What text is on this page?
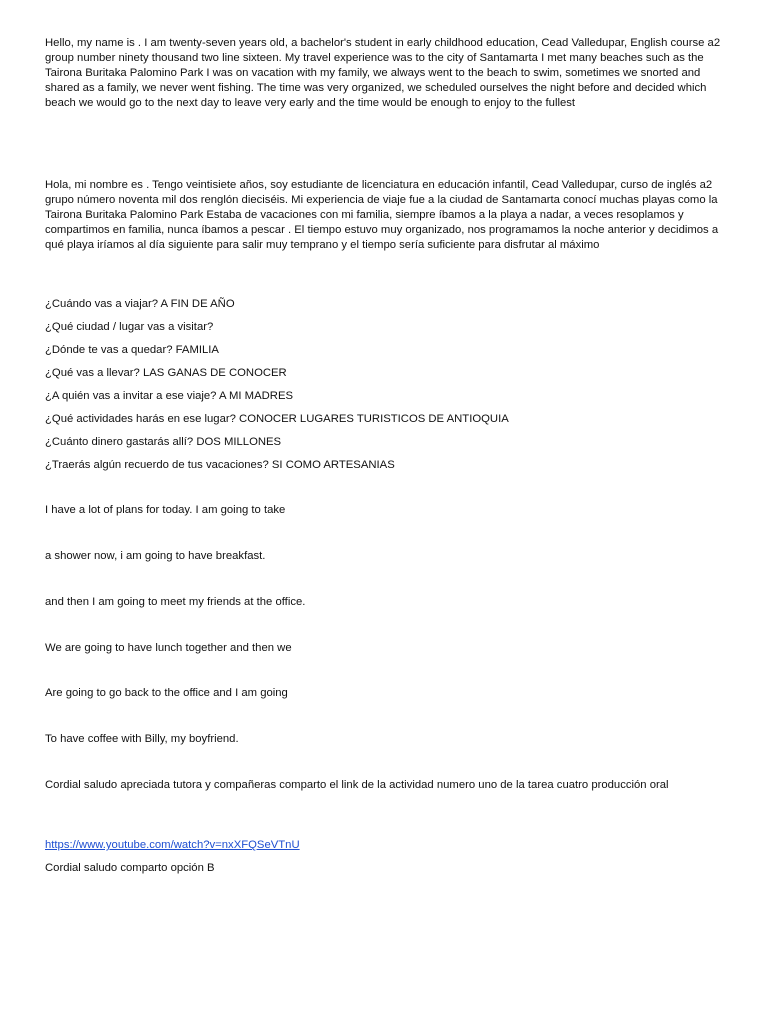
Hello, my name is . I am twenty-seven years old, a bachelor's student in early childhood education, Cead Valledupar, English course a2 group number ninety thousand two line sixteen. My travel experience was to the city of Santamarta I met many beaches such as the Tairona Buritaka Palomino Park I was on vacation with my family, we always went to the beach to swim, sometimes we snorted and shared as a family, we never went fishing. The time was very organized, we scheduled ourselves the night before and decided which beach we would go to the next day to leave very early and the time would be enough to enjoy to the fullest

Hola, mi nombre es . Tengo veintisiete años, soy estudiante de licenciatura en educación infantil, Cead Valledupar, curso de inglés a2 grupo número noventa mil dos renglón dieciséis. Mi experiencia de viaje fue a la ciudad de Santamarta conocí muchas playas como la Tairona Buritaka Palomino Park Estaba de vacaciones con mi familia, siempre íbamos a la playa a nadar, a veces resoplamos y compartimos en familia, nunca íbamos a pescar . El tiempo estuvo muy organizado, nos programamos la noche anterior y decidimos a qué playa iríamos al día siguiente para salir muy temprano y el tiempo sería suficiente para disfrutar al máximo

¿Cuándo vas a viajar? A FIN DE AÑO
¿Qué ciudad / lugar vas a visitar?
¿Dónde te vas a quedar? FAMILIA
¿Qué vas a llevar? LAS GANAS DE CONOCER
¿A quién vas a invitar a ese viaje? A MI MADRES
¿Qué actividades harás en ese lugar? CONOCER LUGARES TURISTICOS DE ANTIOQUIA
¿Cuánto dinero gastarás allí? DOS MILLONES
¿Traerás algún recuerdo de tus vacaciones? SI COMO ARTESANIAS

I have a lot of plans for today. I am going to take

a shower now, i am going to have breakfast.

and then I am going to meet my friends at the office.

We are going to have lunch together and then we

Are going to go back to the office and I am going

To have coffee with Billy, my boyfriend.

Cordial saludo apreciada tutora y compañeras comparto el link de la actividad numero uno de la tarea cuatro producción oral

https://www.youtube.com/watch?v=nxXFQSeVTnU

Cordial saludo comparto opción B
